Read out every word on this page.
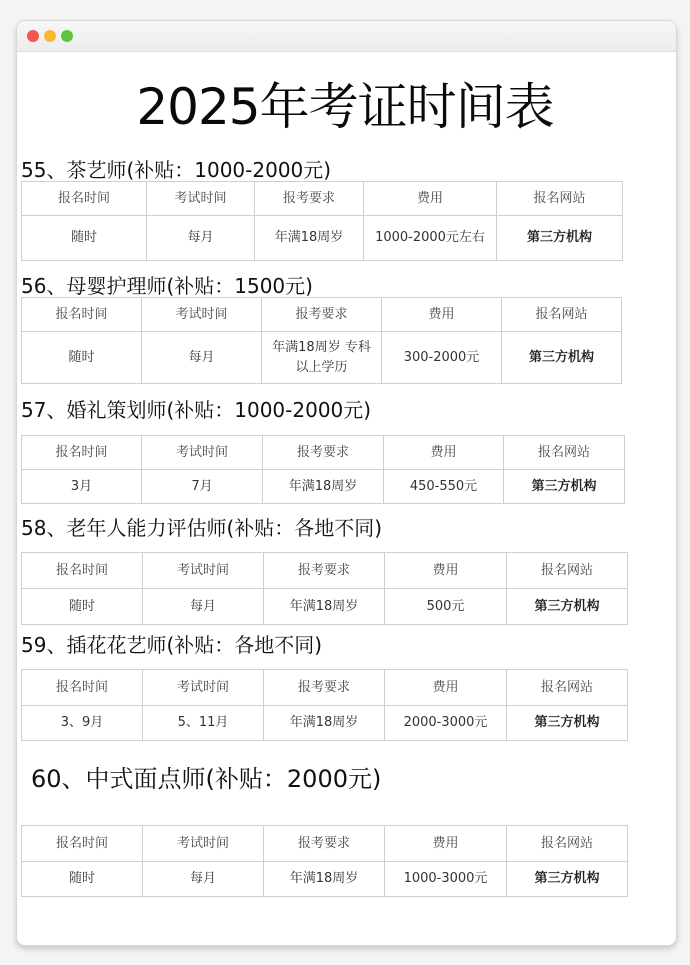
2025年考证时间表
55、茶艺师(补贴：1000-2000元)
报名时间	考试时间	报考要求	费用	报名网站
随时	每月	年满18周岁	1000-2000元左右	第三方机构
56、母婴护理师(补贴：1500元)
报名时间	考试时间	报考要求	费用	报名网站
随时	每月	年满18周岁 专科以上学历	300-2000元	第三方机构
57、婚礼策划师(补贴：1000-2000元)
报名时间	考试时间	报考要求	费用	报名网站
3月	7月	年满18周岁	450-550元	第三方机构
58、老年人能力评估师(补贴：各地不同)
报名时间	考试时间	报考要求	费用	报名网站
随时	每月	年满18周岁	500元	第三方机构
59、插花花艺师(补贴：各地不同)
报名时间	考试时间	报考要求	费用	报名网站
3、9月	5、11月	年满18周岁	2000-3000元	第三方机构
60、中式面点师(补贴：2000元)
报名时间	考试时间	报考要求	费用	报名网站
随时	每月	年满18周岁	1000-3000元	第三方机构
